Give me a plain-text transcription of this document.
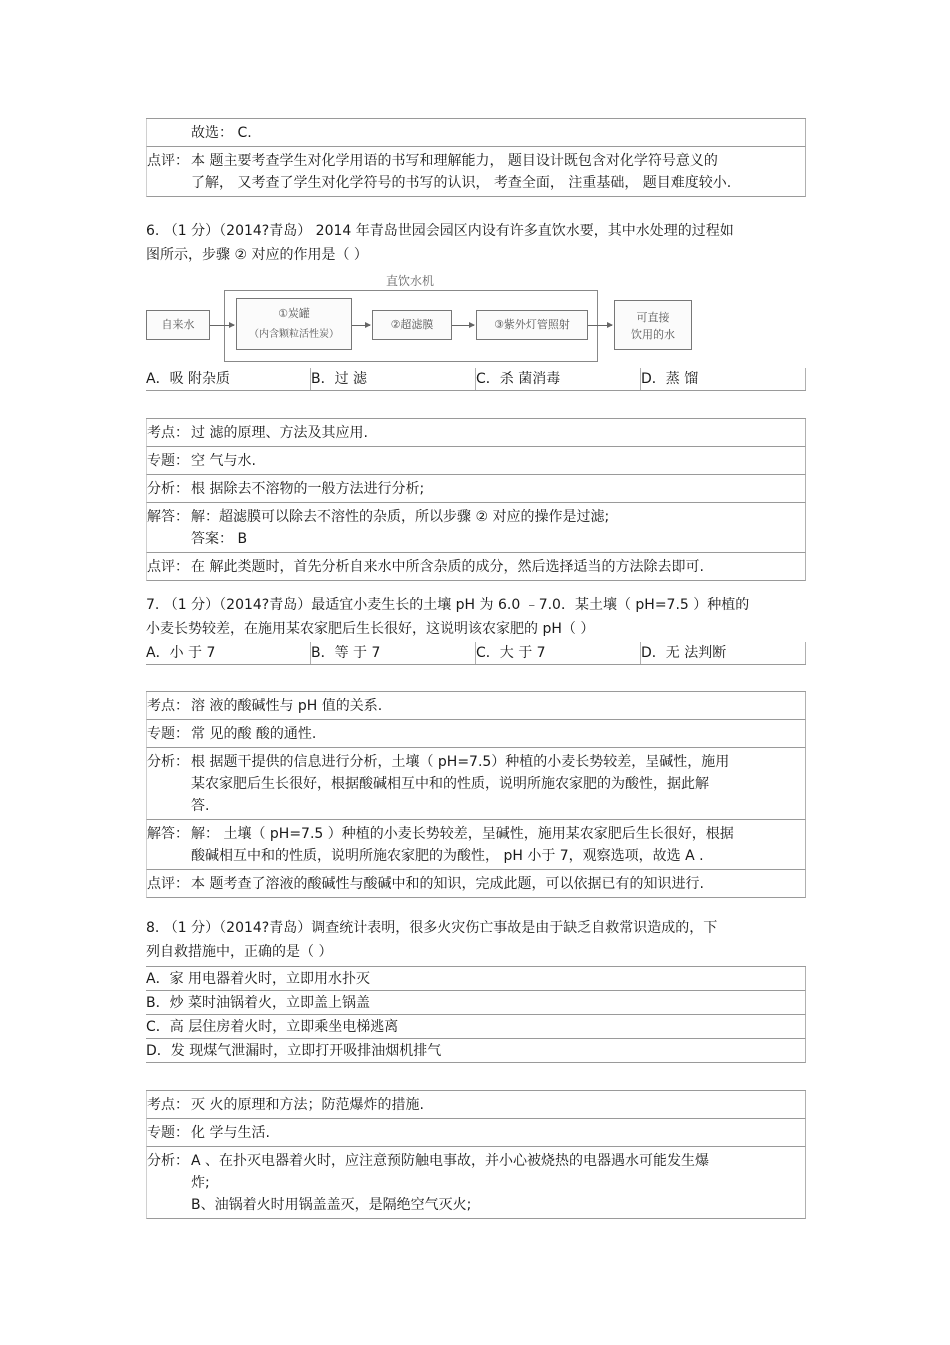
故选： C.
点评： 本 题主要考查学生对化学用语的书写和理解能力， 题目设计既包含对化学符号意义的
了解， 又考查了学生对化学符号的书写的认识， 考查全面， 注重基础， 题目难度较小.
6. （1 分）（2014?青岛） 2014 年青岛世园会园区内设有许多直饮水要，其中水处理的过程如
图所示，步骤 ② 对应的作用是（ ）
直饮水机
自来水
①炭罐
（内含颗粒活性炭）
②超滤膜	③紫外灯管照射
可直接
饮用的水
A．吸 附杂质	B．过 滤	C．杀 菌消毒	D．蒸 馏
考点： 过 滤的原理、方法及其应用.
专题： 空 气与水.
分析： 根 据除去不溶物的一般方法进行分析;
解答： 解：超滤膜可以除去不溶性的杂质，所以步骤 ② 对应的操作是过滤;
答案： B
点评： 在 解此类题时，首先分析自来水中所含杂质的成分，然后选择适当的方法除去即可.
7. （1 分）（2014?青岛）最适宜小麦生长的土壤 pH 为 6.0 ﹣7.0．某土壤（ pH=7.5 ）种植的
小麦长势较差，在施用某农家肥后生长很好，这说明该农家肥的 pH（ ）
A．小 于 7	B．等 于 7	C．大 于 7	D．无 法判断
考点： 溶 液的酸碱性与 pH 值的关系.
专题： 常 见的酸 酸的通性.
分析： 根 据题干提供的信息进行分析，土壤（ pH=7.5）种植的小麦长势较差，呈碱性，施用
某农家肥后生长很好，根据酸碱相互中和的性质，说明所施农家肥的为酸性，据此解
答.
解答： 解： 土壤（ pH=7.5 ）种植的小麦长势较差，呈碱性，施用某农家肥后生长很好，根据
酸碱相互中和的性质，说明所施农家肥的为酸性， pH 小于 7，观察选项，故选 A .
点评： 本 题考查了溶液的酸碱性与酸碱中和的知识，完成此题，可以依据已有的知识进行.
8. （1 分）（2014?青岛）调查统计表明，很多火灾伤亡事故是由于缺乏自救常识造成的，下
列自救措施中，正确的是（ ）
A．家 用电器着火时，立即用水扑灭
B．炒 菜时油锅着火，立即盖上锅盖
C．高 层住房着火时，立即乘坐电梯逃离
D．发 现煤气泄漏时，立即打开吸排油烟机排气
考点： 灭 火的原理和方法；防范爆炸的措施.
专题： 化 学与生活.
分析： A 、在扑灭电器着火时，应注意预防触电事故，并小心被烧热的电器遇水可能发生爆
炸;
B、油锅着火时用锅盖盖灭，是隔绝空气灭火;
